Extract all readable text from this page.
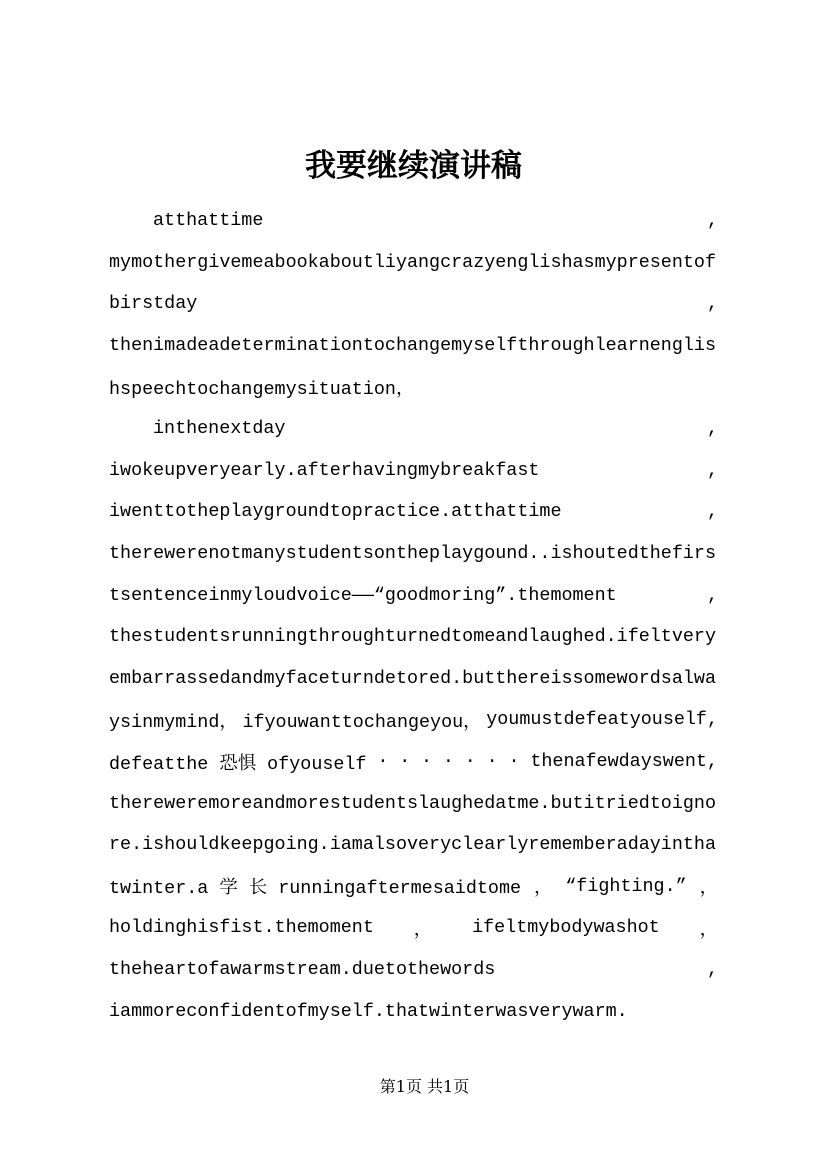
我要继续演讲稿
atthattime	,
mymothergivemeabookaboutliyangcrazyenglishasmypresentof
birstday	,
thenimadeadeterminationtochangemyselfthroughlearnenglis
hspeechtochangemysituation，
inthenextday	,
iwokeupveryearly.afterhavingmybreakfast	,
iwenttotheplaygroundtopractice.atthattime	,
therewerenotmanystudentsontheplaygound..ishoutedthefirs
tsentenceinmyloudvoice——“goodmoring”.themoment	,
thestudentsrunningthroughturnedtomeandlaughed.ifeltvery
embarrassedandmyfaceturndetored.butthereissomewordsalwa
ysinmymind， ifyouwanttochangeyou， youmustdefeatyouself,
defeatthe 恐惧 ofyouself · · · · · · · thenafewdayswent,
thereweremoreandmorestudentslaughedatme.butitriedtoigno
re.ishouldkeepgoing.iamalsoveryclearlyrememberadayintha
twinter.a 学 长 runningaftermesaidtome ， “fighting.” ，
holdinghisfist.themoment ， ifeltmybodywashot ，
theheartofawarmstream.duetothewords	,
iammoreconfidentofmyself.thatwinterwasverywarm.
第1页 共1页
